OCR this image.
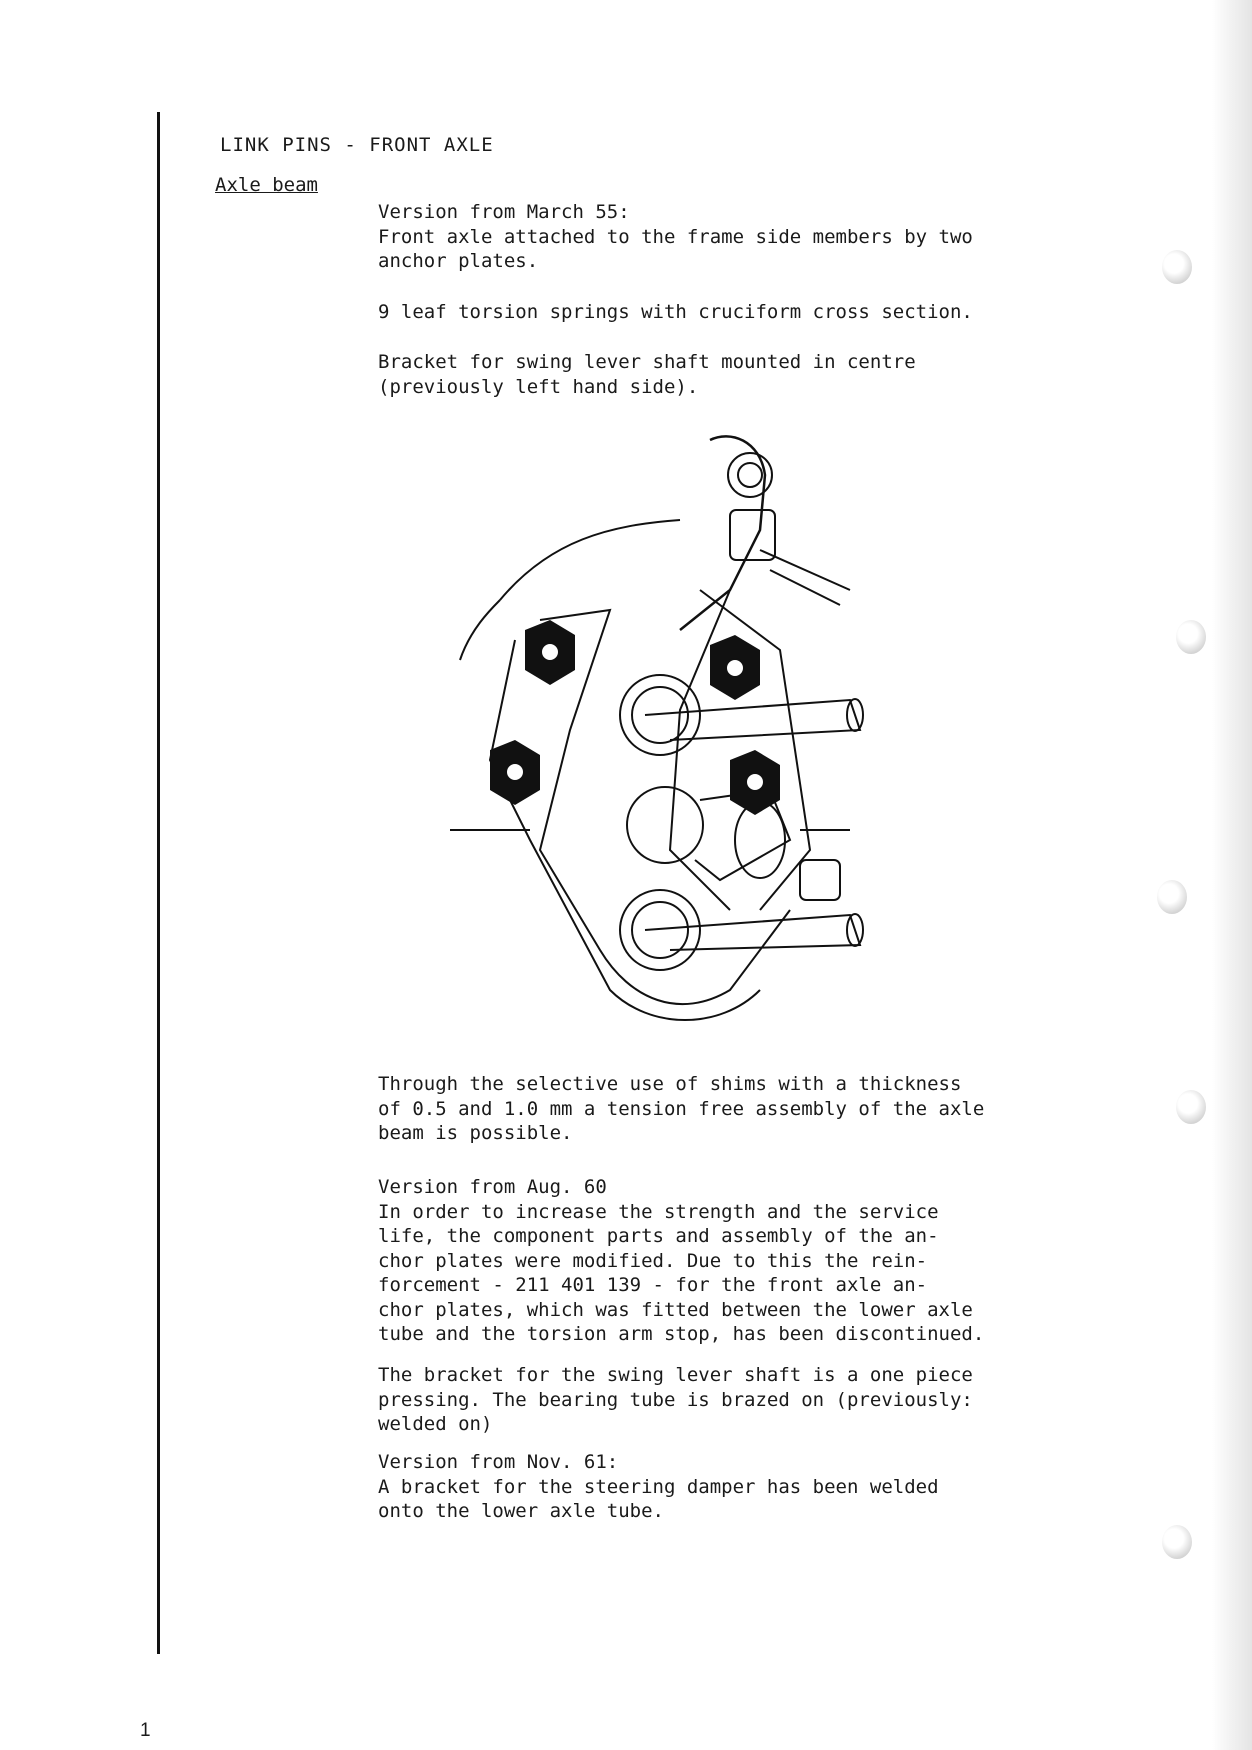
LINK PINS - FRONT AXLE
Axle beam
Version from March 55:
Front axle attached to the frame side members by two
anchor plates.
9 leaf torsion springs with cruciform cross section.
Bracket for swing lever shaft mounted in centre
(previously left hand side).
Through the selective use of shims with a thickness
of 0.5 and 1.0 mm a tension free assembly of the axle
beam is possible.
Version from Aug. 60
In order to increase the strength and the service
life, the component parts and assembly of the an-
chor plates were modified. Due to this the rein-
forcement - 211 401 139 - for the front axle an-
chor plates, which was fitted between the lower axle
tube and the torsion arm stop, has been discontinued.
The bracket for the swing lever shaft is a one piece
pressing. The bearing tube is brazed on (previously:
welded on)
Version from Nov. 61:
A bracket for the steering damper has been welded
onto the lower axle tube.
1
